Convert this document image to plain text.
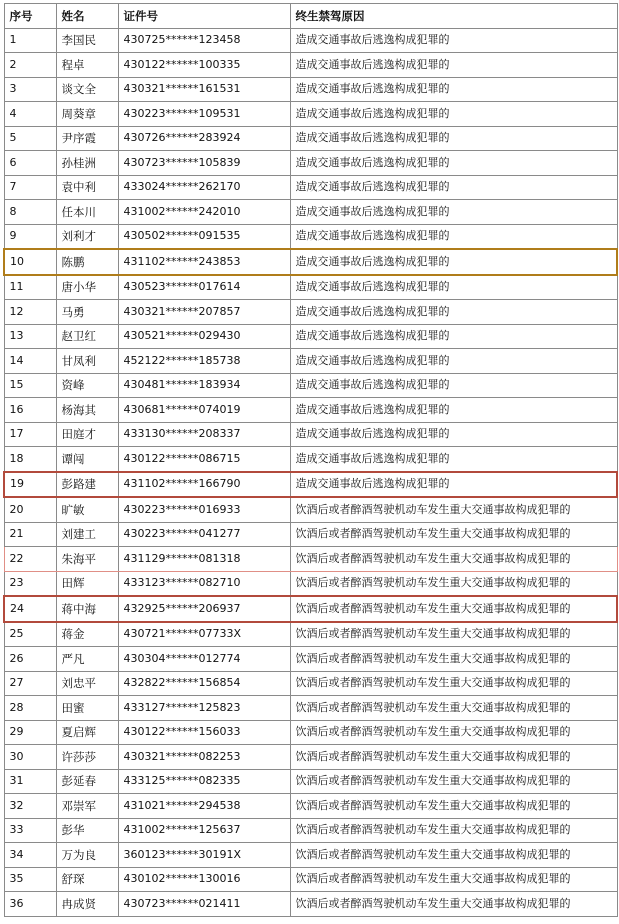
序号	姓名	证件号	终生禁驾原因
1	李国民	430725******123458	造成交通事故后逃逸构成犯罪的
2	程卓	430122******100335	造成交通事故后逃逸构成犯罪的
3	谈文全	430321******161531	造成交通事故后逃逸构成犯罪的
4	周葵章	430223******109531	造成交通事故后逃逸构成犯罪的
5	尹序霞	430726******283924	造成交通事故后逃逸构成犯罪的
6	孙桂洲	430723******105839	造成交通事故后逃逸构成犯罪的
7	袁中利	433024******262170	造成交通事故后逃逸构成犯罪的
8	任本川	431002******242010	造成交通事故后逃逸构成犯罪的
9	刘利才	430502******091535	造成交通事故后逃逸构成犯罪的
10	陈鹏	431102******243853	造成交通事故后逃逸构成犯罪的
11	唐小华	430523******017614	造成交通事故后逃逸构成犯罪的
12	马勇	430321******207857	造成交通事故后逃逸构成犯罪的
13	赵卫红	430521******029430	造成交通事故后逃逸构成犯罪的
14	甘凤利	452122******185738	造成交通事故后逃逸构成犯罪的
15	资峰	430481******183934	造成交通事故后逃逸构成犯罪的
16	杨海其	430681******074019	造成交通事故后逃逸构成犯罪的
17	田庭才	433130******208337	造成交通事故后逃逸构成犯罪的
18	谭闯	430122******086715	造成交通事故后逃逸构成犯罪的
19	彭路建	431102******166790	造成交通事故后逃逸构成犯罪的
20	旷敏	430223******016933	饮酒后或者醉酒驾驶机动车发生重大交通事故构成犯罪的
21	刘建工	430223******041277	饮酒后或者醉酒驾驶机动车发生重大交通事故构成犯罪的
22	朱海平	431129******081318	饮酒后或者醉酒驾驶机动车发生重大交通事故构成犯罪的
23	田辉	433123******082710	饮酒后或者醉酒驾驶机动车发生重大交通事故构成犯罪的
24	蒋中海	432925******206937	饮酒后或者醉酒驾驶机动车发生重大交通事故构成犯罪的
25	蒋金	430721******07733X	饮酒后或者醉酒驾驶机动车发生重大交通事故构成犯罪的
26	严凡	430304******012774	饮酒后或者醉酒驾驶机动车发生重大交通事故构成犯罪的
27	刘忠平	432822******156854	饮酒后或者醉酒驾驶机动车发生重大交通事故构成犯罪的
28	田蜜	433127******125823	饮酒后或者醉酒驾驶机动车发生重大交通事故构成犯罪的
29	夏启辉	430122******156033	饮酒后或者醉酒驾驶机动车发生重大交通事故构成犯罪的
30	许莎莎	430321******082253	饮酒后或者醉酒驾驶机动车发生重大交通事故构成犯罪的
31	彭延春	433125******082335	饮酒后或者醉酒驾驶机动车发生重大交通事故构成犯罪的
32	邓崇军	431021******294538	饮酒后或者醉酒驾驶机动车发生重大交通事故构成犯罪的
33	彭华	431002******125637	饮酒后或者醉酒驾驶机动车发生重大交通事故构成犯罪的
34	万为良	360123******30191X	饮酒后或者醉酒驾驶机动车发生重大交通事故构成犯罪的
35	舒琛	430102******130016	饮酒后或者醉酒驾驶机动车发生重大交通事故构成犯罪的
36	冉成贤	430723******021411	饮酒后或者醉酒驾驶机动车发生重大交通事故构成犯罪的
